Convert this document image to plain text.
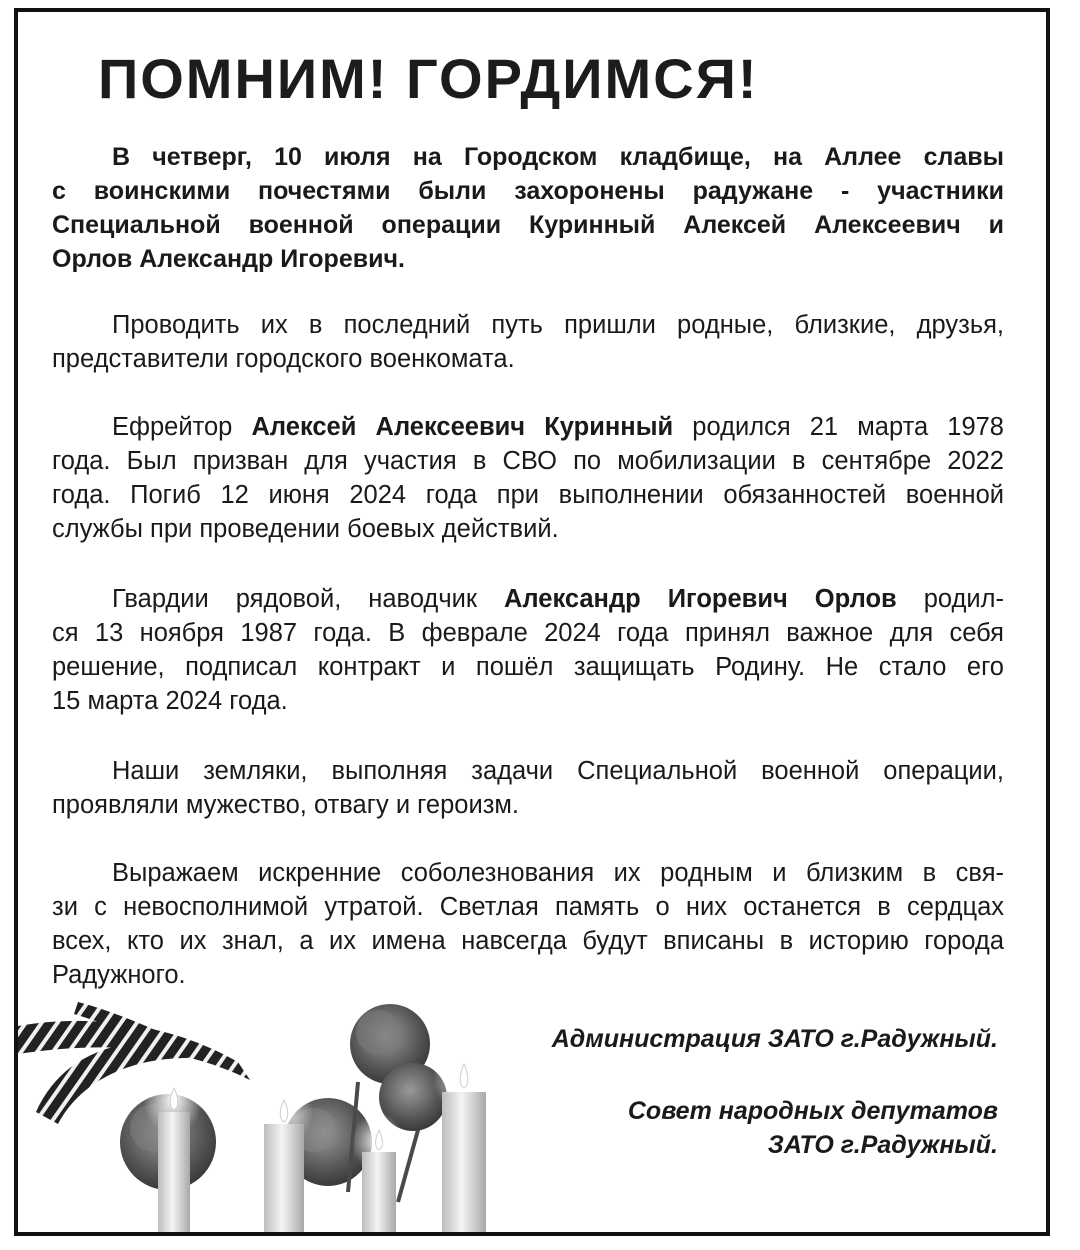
ПОМНИМ! ГОРДИМСЯ!
В четверг, 10 июля на Городском кладбище, на Аллее славы
с воинскими почестями были захоронены радужане - участники
Специальной военной операции Куринный Алексей Алексеевич и
Орлов Александр Игоревич.
Проводить их в последний путь пришли родные, близкие, друзья,
представители городского военкомата.
Ефрейтор Алексей Алексеевич Куринный родился 21 марта 1978
года. Был призван для участия в СВО по мобилизации в сентябре 2022
года. Погиб 12 июня 2024 года при выполнении обязанностей военной
службы при проведении боевых действий.
Гвардии рядовой, наводчик Александр Игоревич Орлов родил-
ся 13 ноября 1987 года. В феврале 2024 года принял важное для себя
решение, подписал контракт и пошёл защищать Родину. Не стало его
15 марта 2024 года.
Наши земляки, выполняя задачи Специальной военной операции,
проявляли мужество, отвагу и героизм.
Выражаем искренние соболезнования их родным и близким в свя-
зи с невосполнимой утратой. Светлая память о них останется в сердцах
всех, кто их знал, а их имена навсегда будут вписаны в историю города
Радужного.
Администрация ЗАТО г.Радужный.
Совет народных депутатов
ЗАТО г.Радужный.
